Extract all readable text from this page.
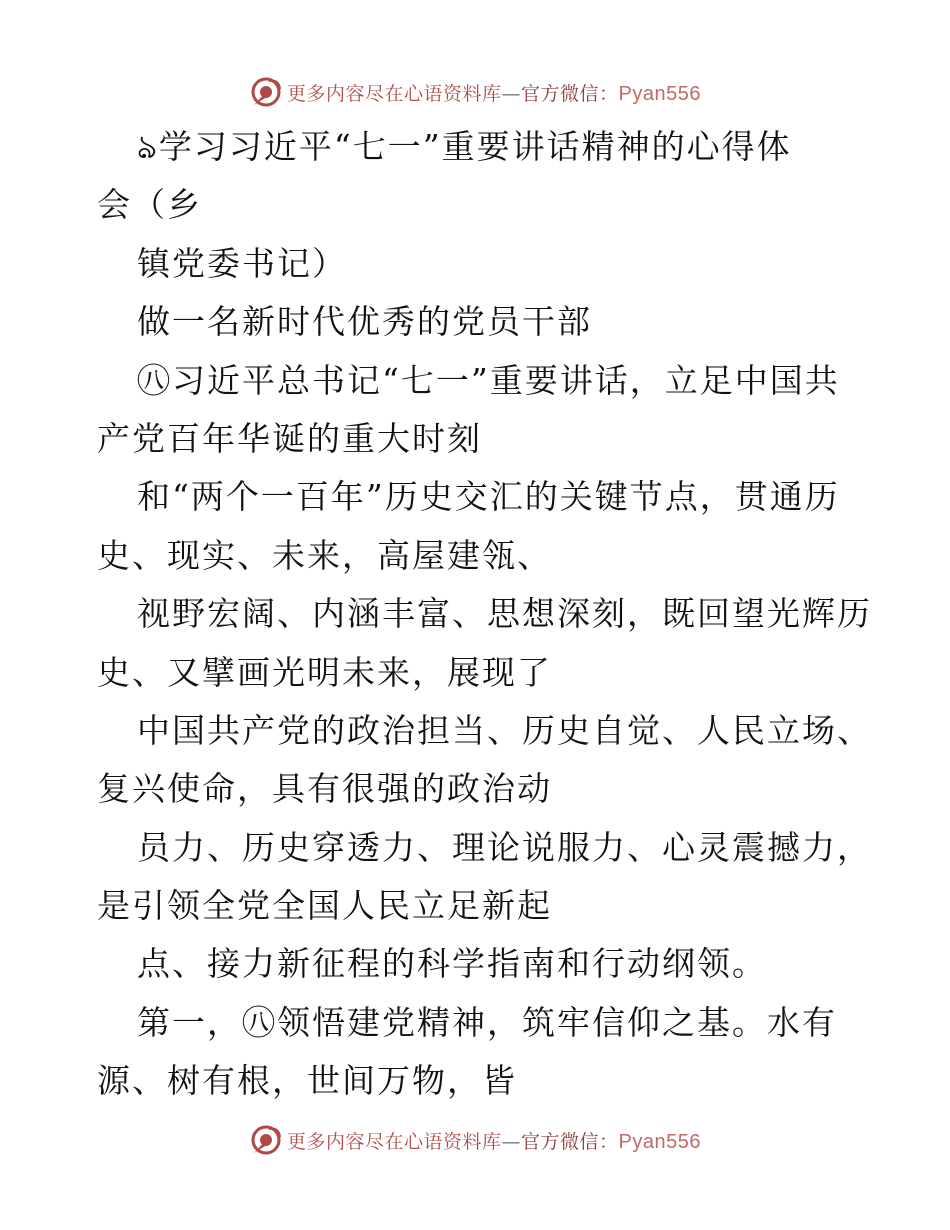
更多内容尽在心语资料库—官方微信：Pyan556
ঌ学习习近平“七一”重要讲话精神的心得体
会（乡
镇党委书记）
做一名新时代优秀的党员干部
㊇习近平总书记“七一”重要讲话，立足中国共
产党百年华诞的重大时刻
和“两个一百年”历史交汇的关键节点，贯通历
史、现实、未来，高屋建瓴、
视野宏阔、内涵丰富、思想深刻，既回望光辉历
史、又擘画光明未来，展现了
中国共产党的政治担当、历史自觉、人民立场、
复兴使命，具有很强的政治动
员力、历史穿透力、理论说服力、心灵震撼力，
是引领全党全国人民立足新起
点、接力新征程的科学指南和行动纲领。
第一，㊇领悟建党精神，筑牢信仰之基。水有
源、树有根，世间万物，皆
更多内容尽在心语资料库—官方微信：Pyan556
